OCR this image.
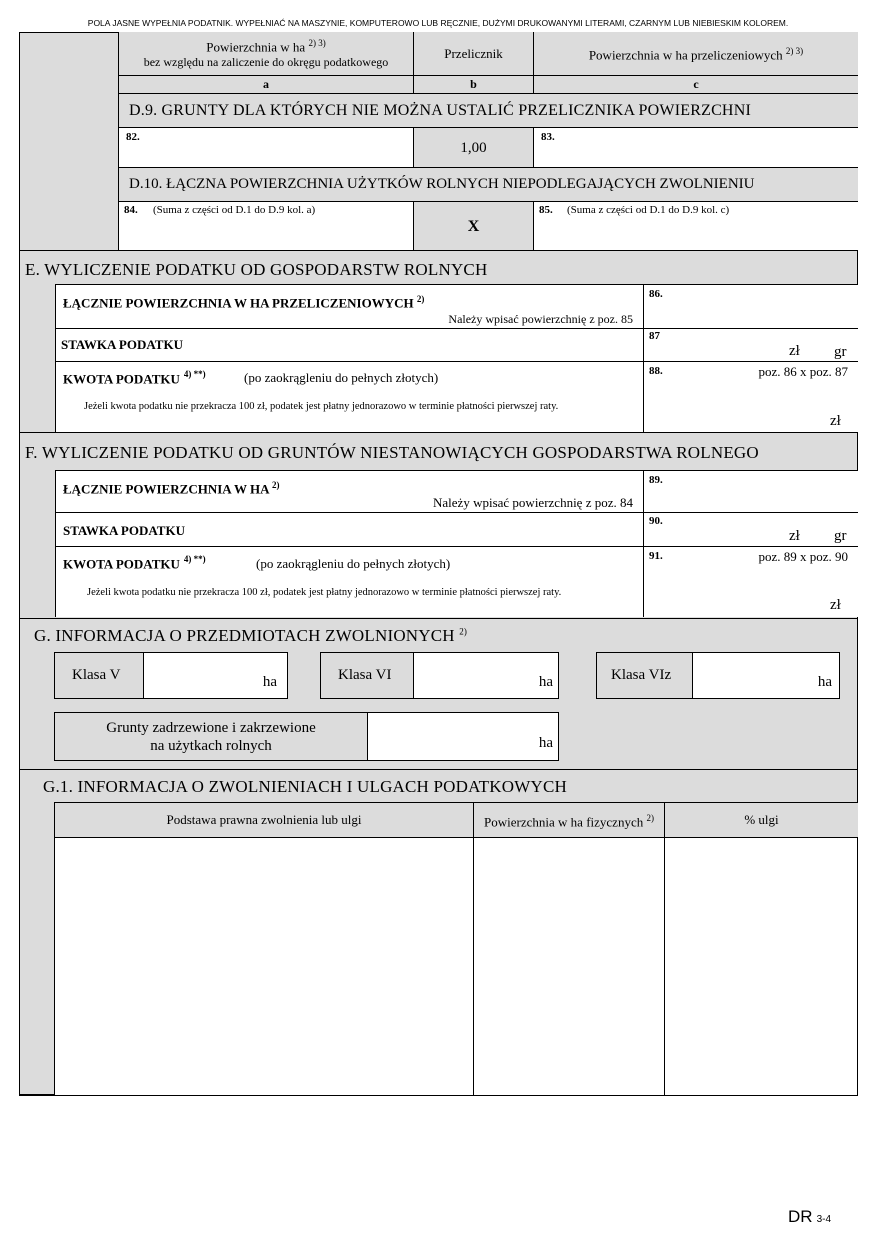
POLA JASNE WYPEŁNIA PODATNIK. WYPEŁNIAĆ NA MASZYNIE, KOMPUTEROWO LUB RĘCZNIE, DUŻYMI DRUKOWANYMI LITERAMI, CZARNYM LUB NIEBIESKIM KOLOREM.
Powierzchnia w ha $^{2) 3)}$
bez względu na zaliczenie do okręgu podatkowego
Przelicznik	Powierzchnia w ha przeliczeniowych $^{2) 3)}$
a	b	c
D.9. GRUNTY DLA KTÓRYCH NIE MOŻNA USTALIĆ PRZELICZNIKA POWIERZCHNI
82.
1,00
83.
D.10. ŁĄCZNA POWIERZCHNIA UŻYTKÓW ROLNYCH NIEPODLEGAJĄCYCH ZWOLNIENIU
84. (Suma z części od D.1 do D.9 kol. a)
X
85. (Suma z części od D.1 do D.9 kol. c)
E. WYLICZENIE PODATKU OD GOSPODARSTW ROLNYCH
ŁĄCZNIE POWIERZCHNIA W HA PRZELICZENIOWYCH $^{2)}$
Należy wpisać powierzchnię z poz. 85
86.
STAWKA PODATKU
87
zł gr
KWOTA PODATKU $^{4) **)}$	(po zaokrągleniu do pełnych złotych)
Jeżeli kwota podatku nie przekracza 100 zł, podatek jest płatny jednorazowo w terminie płatności pierwszej raty.
88.	poz. 86 x poz. 87
zł
F. WYLICZENIE PODATKU OD GRUNTÓW NIESTANOWIĄCYCH GOSPODARSTWA ROLNEGO
ŁĄCZNIE POWIERZCHNIA W HA $^{2)}$
Należy wpisać powierzchnię z poz. 84
89.
STAWKA PODATKU
90.
zł gr
KWOTA PODATKU $^{4) **)}$	(po zaokrągleniu do pełnych złotych)
Jeżeli kwota podatku nie przekracza 100 zł, podatek jest płatny jednorazowo w terminie płatności pierwszej raty.
91.	poz. 89 x poz. 90
zł
G. INFORMACJA O PRZEDMIOTACH ZWOLNIONYCH $^{2)}$
Klasa V	ha	Klasa VI	ha	Klasa VIz	ha
Grunty zadrzewione i zakrzewione
na użytkach rolnych	ha
G.1. INFORMACJA O ZWOLNIENIACH I ULGACH PODATKOWYCH
Podstawa prawna zwolnienia lub ulgi	Powierzchnia w ha fizycznych $^{2)}$	% ulgi
DR 3-4
